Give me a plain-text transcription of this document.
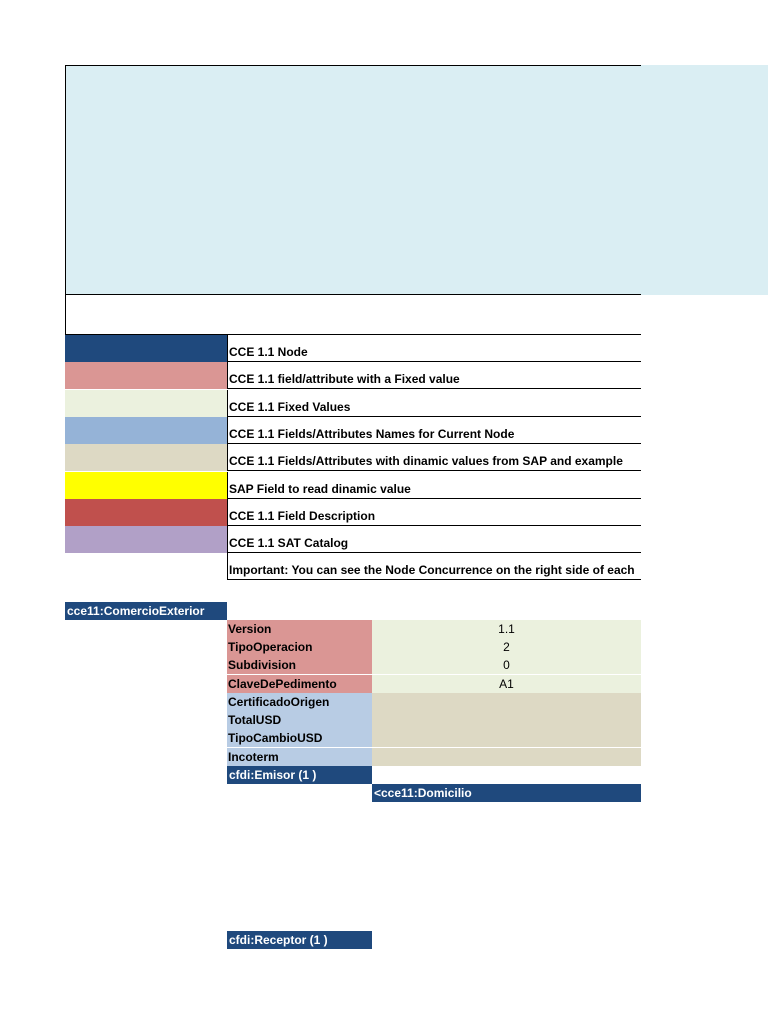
CCE 1.1 Node
CCE 1.1 field/attribute with a Fixed value
CCE 1.1 Fixed Values
CCE 1.1 Fields/Attributes Names for Current Node
CCE 1.1 Fields/Attributes with dinamic values from SAP and example
SAP Field to read dinamic value
CCE 1.1 Field Description
CCE 1.1 SAT Catalog
Important: You can see the Node Concurrence on the right side of each
cce11:ComercioExterior
Version	1.1
TipoOperacion	2
Subdivision	0
ClaveDePedimento	A1
CertificadoOrigen
TotalUSD
TipoCambioUSD
Incoterm
cfdi:Emisor (1 )
<cce11:Domicilio
cfdi:Receptor (1 )
